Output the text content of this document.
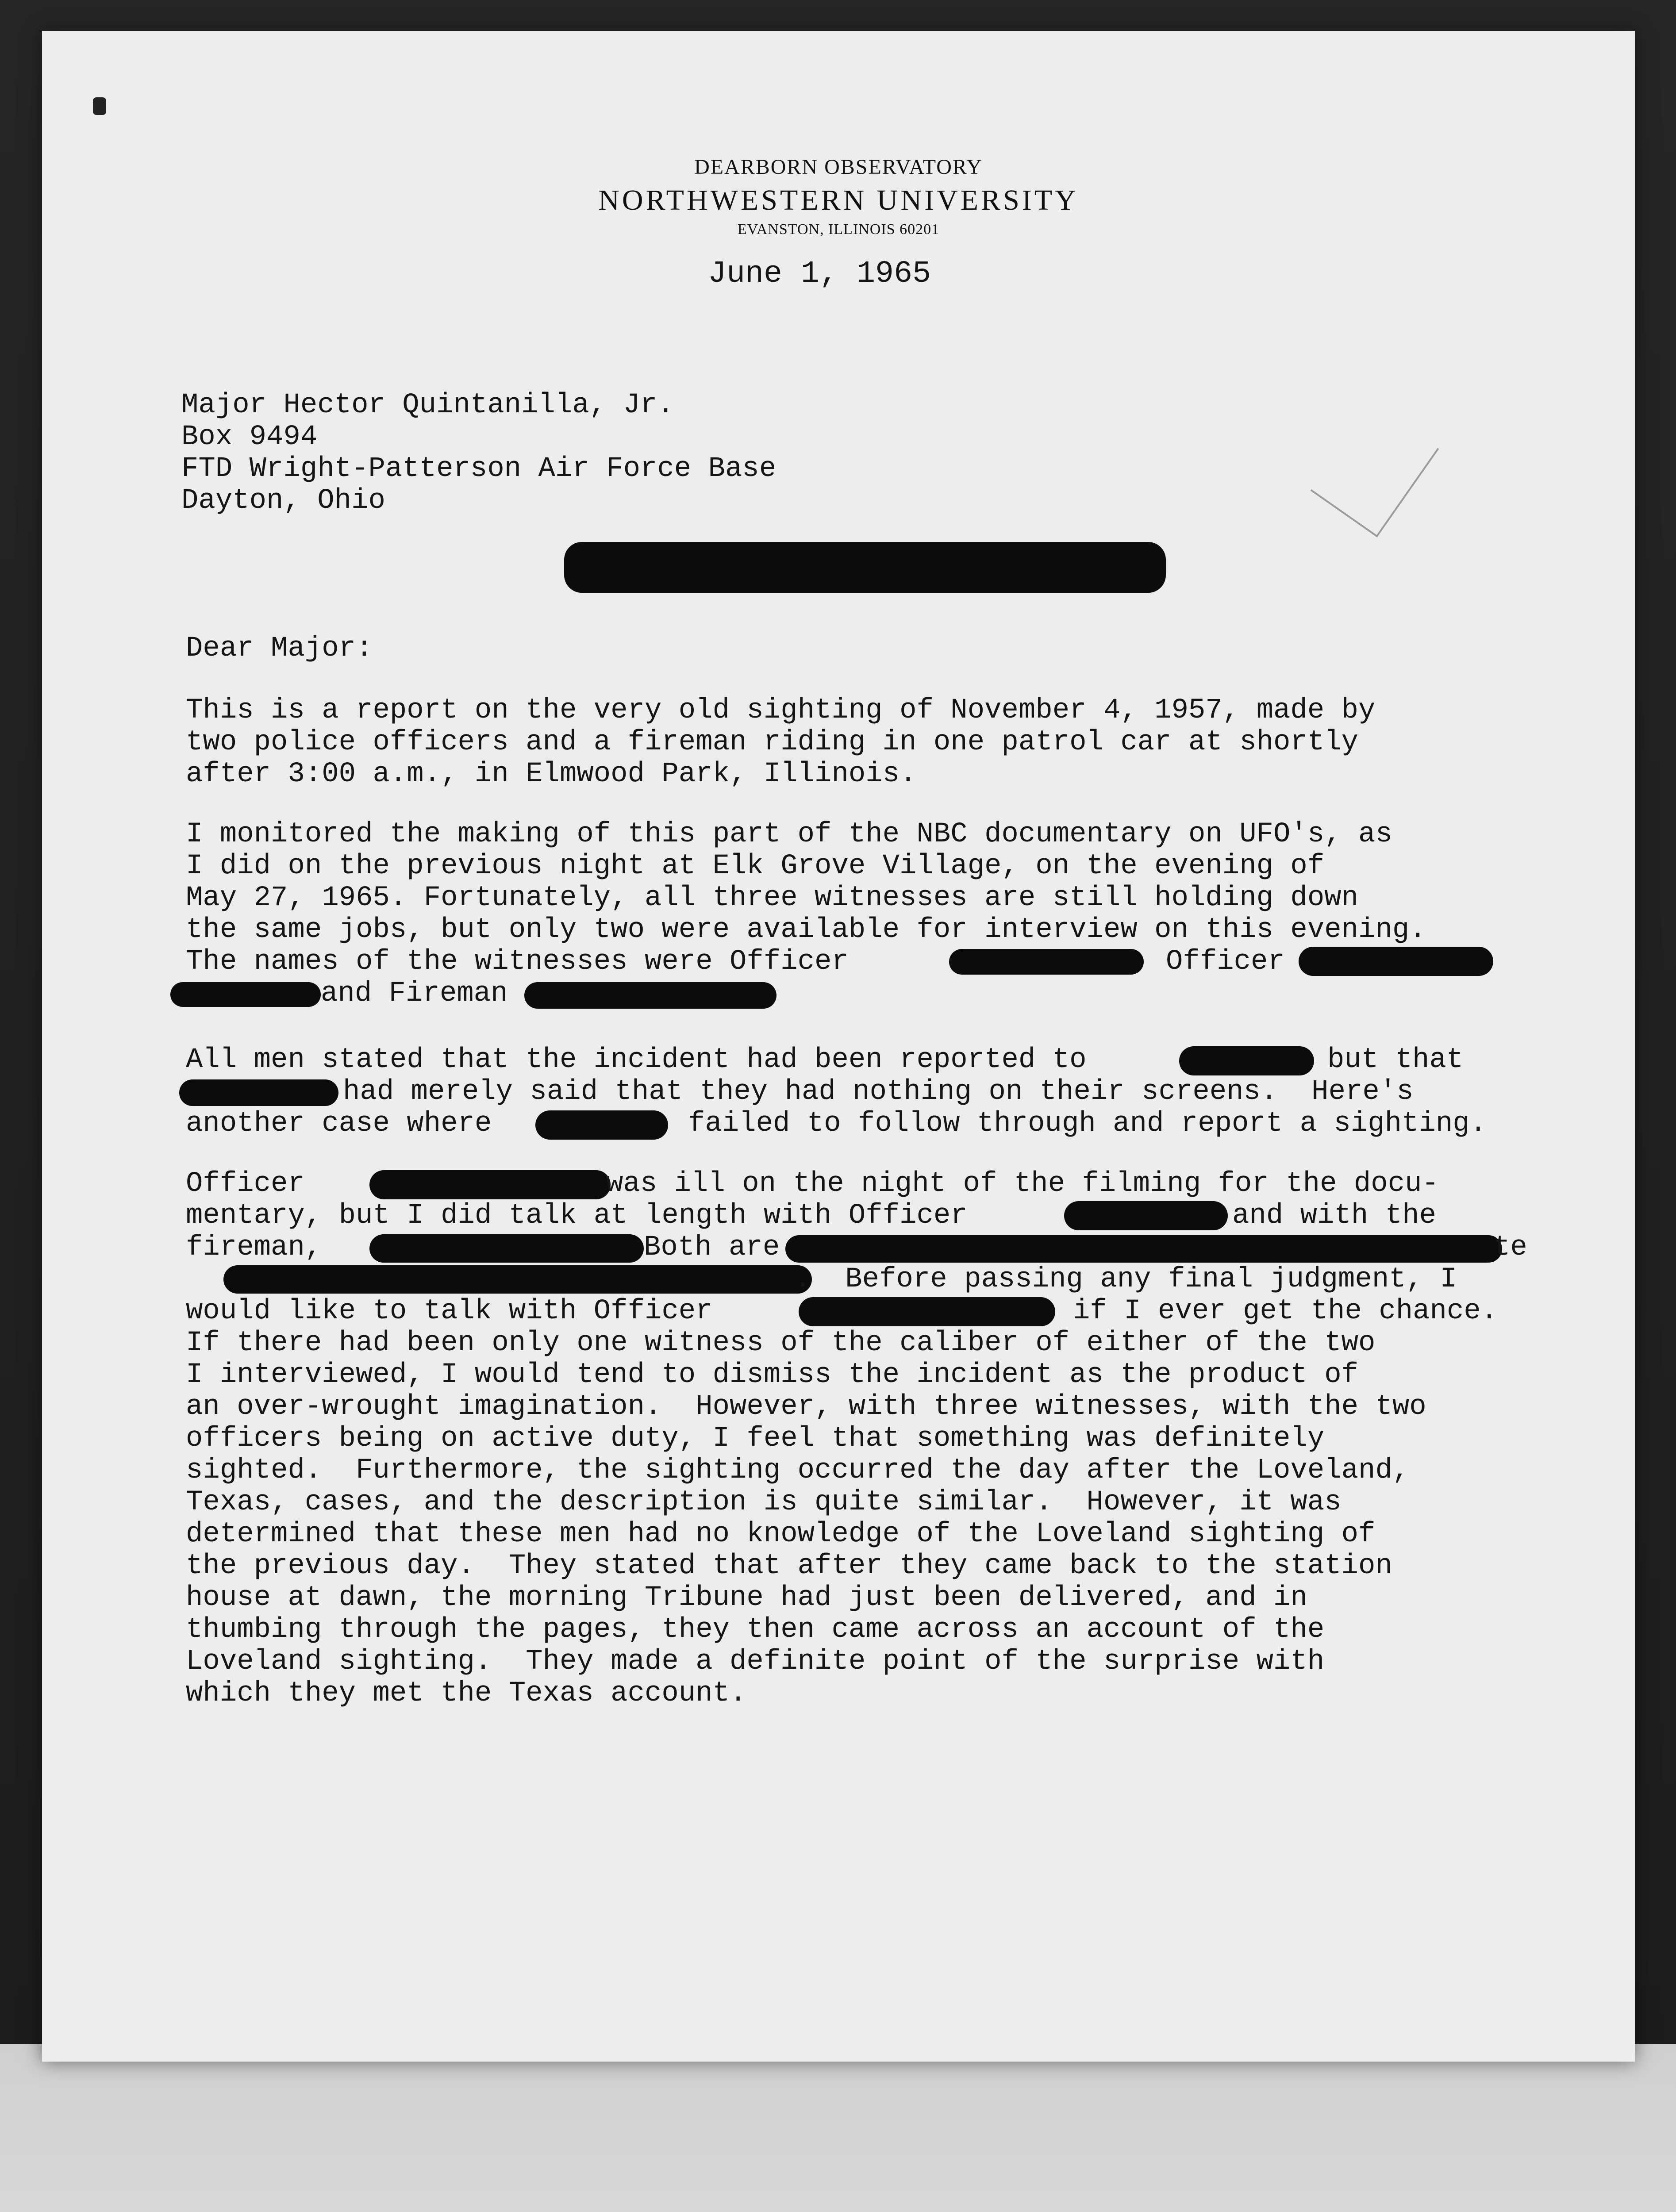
DEARBORN OBSERVATORY
NORTHWESTERN UNIVERSITY
EVANSTON, ILLINOIS 60201
June 1, 1965
Major Hector Quintanilla, Jr.
Box 9494
FTD Wright-Patterson Air Force Base
Dayton, Ohio
Dear Major:
This is a report on the very old sighting of November 4, 1957, made by
two police officers and a fireman riding in one patrol car at shortly
after 3:00 a.m., in Elmwood Park, Illinois.
I monitored the making of this part of the NBC documentary on UFO's, as
I did on the previous night at Elk Grove Village, on the evening of
May 27, 1965. Fortunately, all three witnesses are still holding down
the same jobs, but only two were available for interview on this evening.
The names of the witnesses were Officer	Officer
and Fireman
All men stated that the incident had been reported to	but that
had merely said that they had nothing on their screens.  Here's
another case where	failed to follow through and report a sighting.
Officer	was ill on the night of the filming for the docu-
mentary, but I did talk at length with Officer	and with the
fireman,	Both are	te
.  Before passing any final judgment, I
would like to talk with Officer	if I ever get the chance.
If there had been only one witness of the caliber of either of the two
I interviewed, I would tend to dismiss the incident as the product of
an over-wrought imagination.  However, with three witnesses, with the two
officers being on active duty, I feel that something was definitely
sighted.  Furthermore, the sighting occurred the day after the Loveland,
Texas, cases, and the description is quite similar.  However, it was
determined that these men had no knowledge of the Loveland sighting of
the previous day.  They stated that after they came back to the station
house at dawn, the morning Tribune had just been delivered, and in
thumbing through the pages, they then came across an account of the
Loveland sighting.  They made a definite point of the surprise with
which they met the Texas account.
